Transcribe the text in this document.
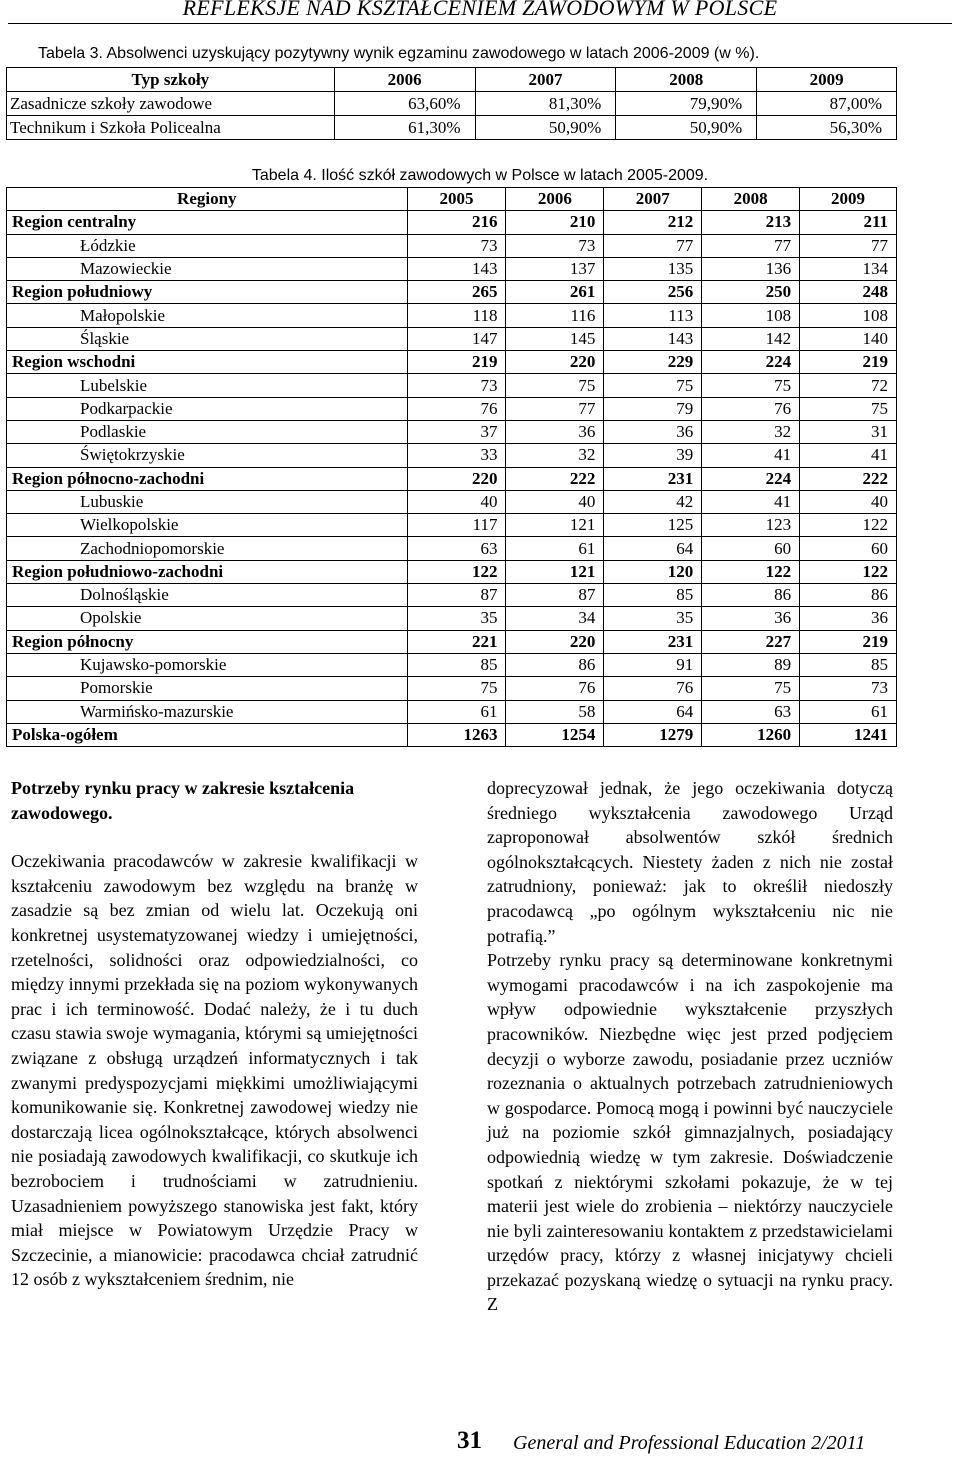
REFLEKSJE NAD KSZTAŁCENIEM ZAWODOWYM W POLSCE
Tabela 3. Absolwenci uzyskujący pozytywny wynik egzaminu zawodowego w latach 2006-2009 (w %).
Typ szkoły	2006	2007	2008	2009
Zasadnicze szkoły zawodowe	63,60%	81,30%	79,90%	87,00%
Technikum i Szkoła Policealna	61,30%	50,90%	50,90%	56,30%
Tabela 4. Ilość szkół zawodowych w Polsce w latach 2005-2009.
Regiony	2005	2006	2007	2008	2009
Region centralny	216	210	212	213	211
Łódzkie	73	73	77	77	77
Mazowieckie	143	137	135	136	134
Region południowy	265	261	256	250	248
Małopolskie	118	116	113	108	108
Śląskie	147	145	143	142	140
Region wschodni	219	220	229	224	219
Lubelskie	73	75	75	75	72
Podkarpackie	76	77	79	76	75
Podlaskie	37	36	36	32	31
Świętokrzyskie	33	32	39	41	41
Region północno-zachodni	220	222	231	224	222
Lubuskie	40	40	42	41	40
Wielkopolskie	117	121	125	123	122
Zachodniopomorskie	63	61	64	60	60
Region południowo-zachodni	122	121	120	122	122
Dolnośląskie	87	87	85	86	86
Opolskie	35	34	35	36	36
Region północny	221	220	231	227	219
Kujawsko-pomorskie	85	86	91	89	85
Pomorskie	75	76	76	75	73
Warmińsko-mazurskie	61	58	64	63	61
Polska-ogółem	1263	1254	1279	1260	1241

Potrzeby rynku pracy w zakresie kształcenia zawodowego.

Oczekiwania pracodawców w zakresie kwalifikacji w kształceniu zawodowym bez względu na branżę w zasadzie są bez zmian od wielu lat. Oczekują oni konkretnej usystematyzowanej wiedzy i umiejętności, rzetelności, solidności oraz odpowiedzialności, co między innymi przekłada się na poziom wykonywanych prac i ich terminowość. Dodać należy, że i tu duch czasu stawia swoje wymagania, którymi są umiejętności związane z obsługą urządzeń informatycznych i tak zwanymi predyspozycjami miękkimi umożliwiającymi komunikowanie się. Konkretnej zawodowej wiedzy nie dostarczają licea ogólnokształcące, których absolwenci nie posiadają zawodowych kwalifikacji, co skutkuje ich bezrobociem i trudnościami w zatrudnieniu. Uzasadnieniem powyższego stanowiska jest fakt, który miał miejsce w Powiatowym Urzędzie Pracy w Szczecinie, a mianowicie: pracodawca chciał zatrudnić 12 osób z wykształceniem średnim, nie

doprecyzował jednak, że jego oczekiwania dotyczą średniego wykształcenia zawodowego Urząd zaproponował absolwentów szkół średnich ogólnokształcących. Niestety żaden z nich nie został zatrudniony, ponieważ: jak to określił niedoszły pracodawcą „po ogólnym wykształceniu nic nie potrafią.”

Potrzeby rynku pracy są determinowane konkretnymi wymogami pracodawców i na ich zaspokojenie ma wpływ odpowiednie wykształcenie przyszłych pracowników. Niezbędne więc jest przed podjęciem decyzji o wyborze zawodu, posiadanie przez uczniów rozeznania o aktualnych potrzebach zatrudnieniowych w gospodarce. Pomocą mogą i powinni być nauczyciele już na poziomie szkół gimnazjalnych, posiadający odpowiednią wiedzę w tym zakresie. Doświadczenie spotkań z niektórymi szkołami pokazuje, że w tej materii jest wiele do zrobienia – niektórzy nauczyciele nie byli zainteresowaniu kontaktem z przedstawicielami urzędów pracy, którzy z własnej inicjatywy chcieli przekazać pozyskaną wiedzę o sytuacji na rynku pracy. Z

31 General and Professional Education 2/2011
